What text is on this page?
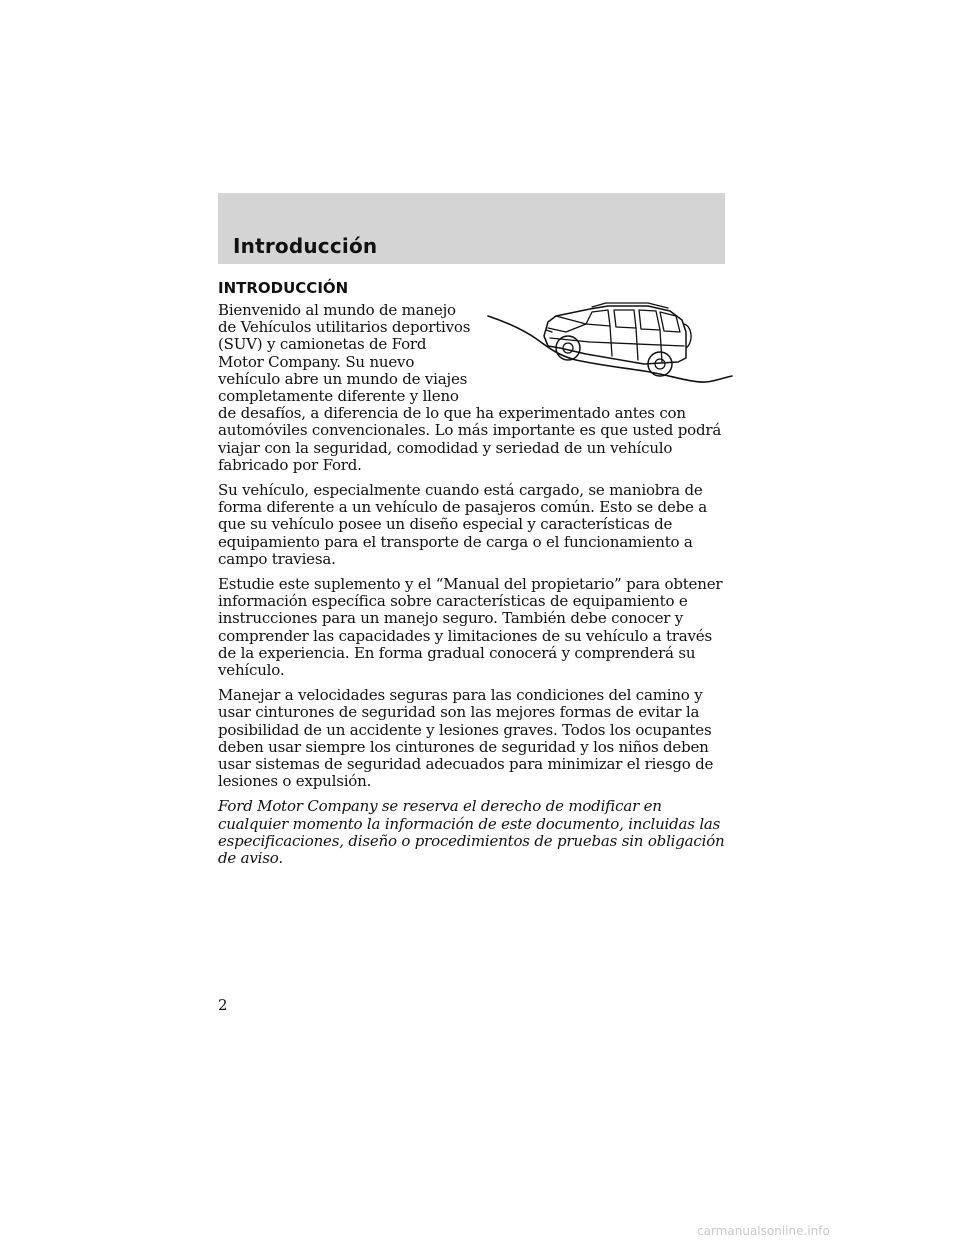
Introducción
INTRODUCCIÓN

Bienvenido al mundo de manejo de Vehículos utilitarios deportivos (SUV) y camionetas de Ford Motor Company. Su nuevo vehículo abre un mundo de viajes completamente diferente y lleno de desafíos, a diferencia de lo que ha experimentado antes con automóviles convencionales. Lo más importante es que usted podrá viajar con la seguridad, comodidad y seriedad de un vehículo fabricado por Ford.

Su vehículo, especialmente cuando está cargado, se maniobra de forma diferente a un vehículo de pasajeros común. Esto se debe a que su vehículo posee un diseño especial y características de equipamiento para el transporte de carga o el funcionamiento a campo traviesa.

Estudie este suplemento y el “Manual del propietario” para obtener información específica sobre características de equipamiento e instrucciones para un manejo seguro. También debe conocer y comprender las capacidades y limitaciones de su vehículo a través de la experiencia. En forma gradual conocerá y comprenderá su vehículo.

Manejar a velocidades seguras para las condiciones del camino y usar cinturones de seguridad son las mejores formas de evitar la posibilidad de un accidente y lesiones graves. Todos los ocupantes deben usar siempre los cinturones de seguridad y los niños deben usar sistemas de seguridad adecuados para minimizar el riesgo de lesiones o expulsión.

Ford Motor Company se reserva el derecho de modificar en cualquier momento la información de este documento, incluidas las especificaciones, diseño o procedimientos de pruebas sin obligación de aviso.

2
carmanualsonline.info
